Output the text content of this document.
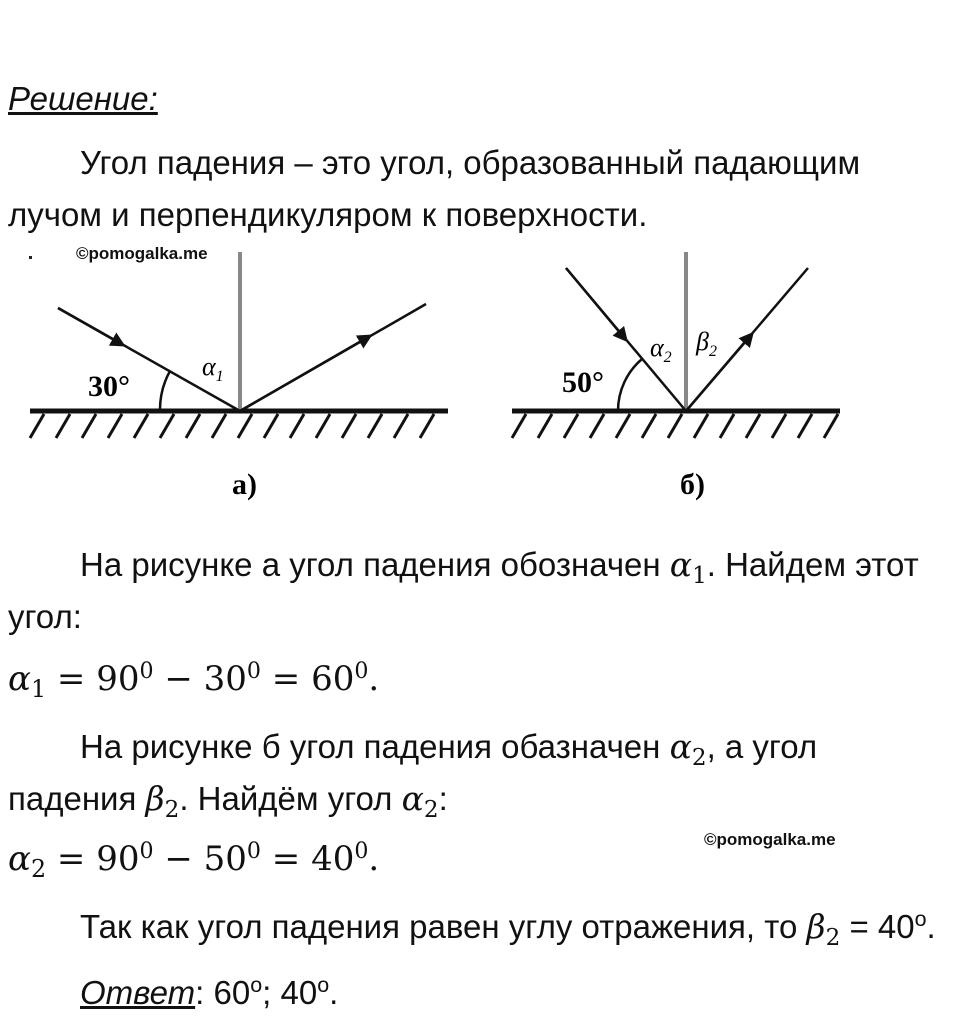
Решение:
Угол падения – это угол, образованный падающим
лучом и перпендикуляром к поверхности.
©pomogalka.me
30°
$\alpha_1$
а)
50°
$\alpha_2$
$\beta_2$
б)
На рисунке а угол падения обозначен $\alpha_1$. Найдем этот
угол:
$\alpha_1 = 90^0 - 30^0 = 60^0$.
На рисунке б угол падения обазначен $\alpha_2$, а угол
падения $\beta_2$. Найдём угол $\alpha_2$:
©pomogalka.me
$\alpha_2 = 90^0 - 50^0 = 40^0$.
Так как угол падения равен углу отражения, то $\beta_2 = 40^o$.
Ответ: 60$^o$; 40$^o$.
